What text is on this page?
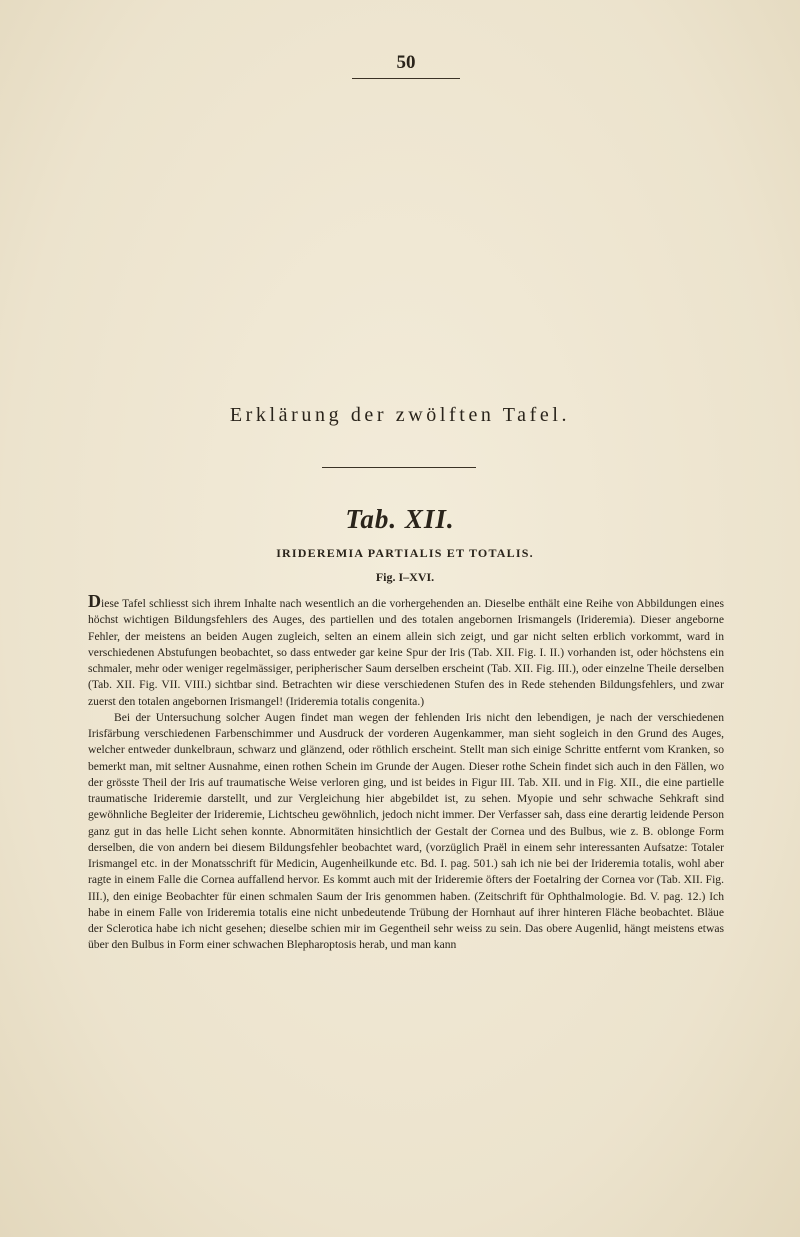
50
Erklärung der zwölften Tafel.
Tab. XII.
IRIDEREMIA PARTIALIS ET TOTALIS.
Fig. I–XVI.

Diese Tafel schliesst sich ihrem Inhalte nach wesentlich an die vorhergehenden an. Dieselbe enthält eine Reihe von Abbildungen eines höchst wichtigen Bildungsfehlers des Auges, des partiellen und des totalen angebornen Irismangels (Irideremia). Dieser angeborne Fehler, der meistens an beiden Augen zugleich, selten an einem allein sich zeigt, und gar nicht selten erblich vorkommt, ward in verschiedenen Abstufungen beobachtet, so dass entweder gar keine Spur der Iris (Tab. XII. Fig. I. II.) vorhanden ist, oder höchstens ein schmaler, mehr oder weniger regelmässiger, peripherischer Saum derselben erscheint (Tab. XII. Fig. III.), oder einzelne Theile derselben (Tab. XII. Fig. VII. VIII.) sichtbar sind. Betrachten wir diese verschiedenen Stufen des in Rede stehenden Bildungsfehlers, und zwar zuerst den totalen angebornen Irismangel! (Irideremia totalis congenita.)

Bei der Untersuchung solcher Augen findet man wegen der fehlenden Iris nicht den lebendigen, je nach der verschiedenen Irisfärbung verschiedenen Farbenschimmer und Ausdruck der vorderen Augenkammer, man sieht sogleich in den Grund des Auges, welcher entweder dunkelbraun, schwarz und glänzend, oder röthlich erscheint. Stellt man sich einige Schritte entfernt vom Kranken, so bemerkt man, mit seltner Ausnahme, einen rothen Schein im Grunde der Augen. Dieser rothe Schein findet sich auch in den Fällen, wo der grösste Theil der Iris auf traumatische Weise verloren ging, und ist beides in Figur III. Tab. XII. und in Fig. XII., die eine partielle traumatische Irideremie darstellt, und zur Vergleichung hier abgebildet ist, zu sehen. Myopie und sehr schwache Sehkraft sind gewöhnliche Begleiter der Irideremie, Lichtscheu gewöhnlich, jedoch nicht immer. Der Verfasser sah, dass eine derartig leidende Person ganz gut in das helle Licht sehen konnte. Abnormitäten hinsichtlich der Gestalt der Cornea und des Bulbus, wie z. B. oblonge Form derselben, die von andern bei diesem Bildungsfehler beobachtet ward, (vorzüglich Praël in einem sehr interessanten Aufsatze: Totaler Irismangel etc. in der Monatsschrift für Medicin, Augenheilkunde etc. Bd. I. pag. 501.) sah ich nie bei der Irideremia totalis, wohl aber ragte in einem Falle die Cornea auffallend hervor. Es kommt auch mit der Irideremie öfters der Foetalring der Cornea vor (Tab. XII. Fig. III.), den einige Beobachter für einen schmalen Saum der Iris genommen haben. (Zeitschrift für Ophthalmologie. Bd. V. pag. 12.) Ich habe in einem Falle von Irideremia totalis eine nicht unbedeutende Trübung der Hornhaut auf ihrer hinteren Fläche beobachtet. Bläue der Sclerotica habe ich nicht gesehen; dieselbe schien mir im Gegentheil sehr weiss zu sein. Das obere Augenlid, hängt meistens etwas über den Bulbus in Form einer schwachen Blepharoptosis herab, und man kann
